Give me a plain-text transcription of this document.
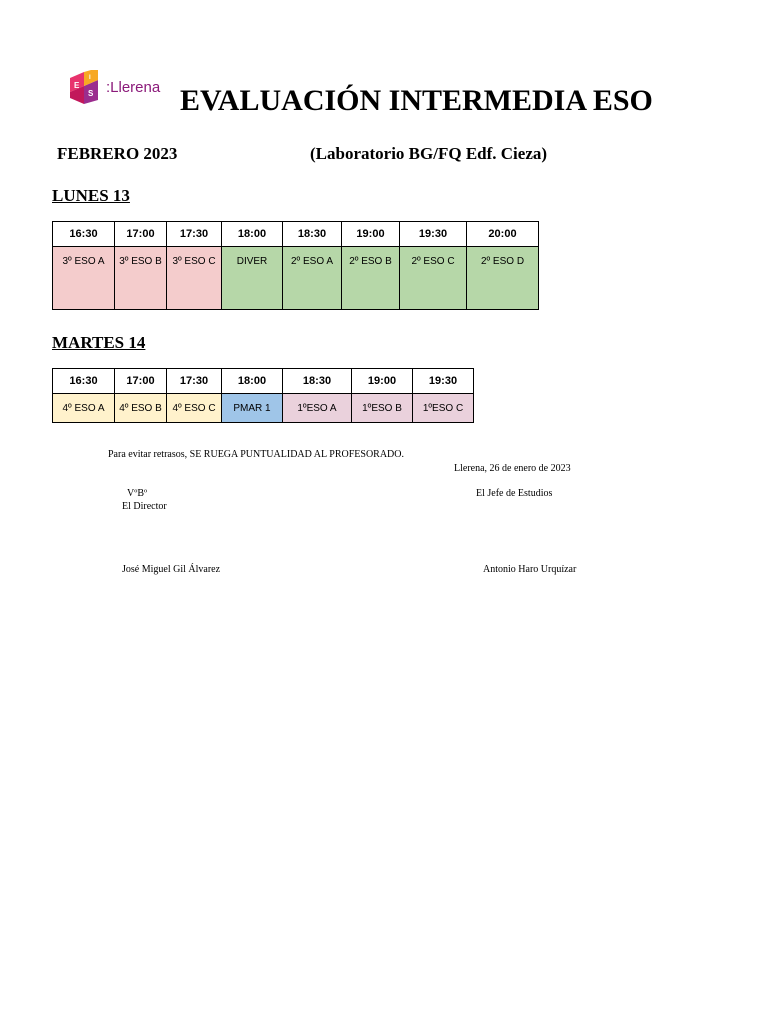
E
S
I
:Llerena EVALUACIÓN INTERMEDIA ESO
FEBRERO 2023	(Laboratorio BG/FQ Edf. Cieza)
LUNES 13
16:30	17:00	17:30	18:00	18:30	19:00	19:30	20:00
3º ESO A	3º ESO B	3º ESO C	DIVER	2º ESO A	2º ESO B	2º ESO C	2º ESO D
MARTES 14
16:30	17:00	17:30	18:00	18:30	19:00	19:30
4º ESO A	4º ESO B	4º ESO C	PMAR 1	1ºESO A	1ºESO B	1ºESO C
Para evitar retrasos, SE RUEGA PUNTUALIDAD AL PROFESORADO.
Llerena, 26 de enero de 2023
VºBº	El Jefe de Estudios
El Director
José Miguel Gil Álvarez	Antonio Haro Urquízar
